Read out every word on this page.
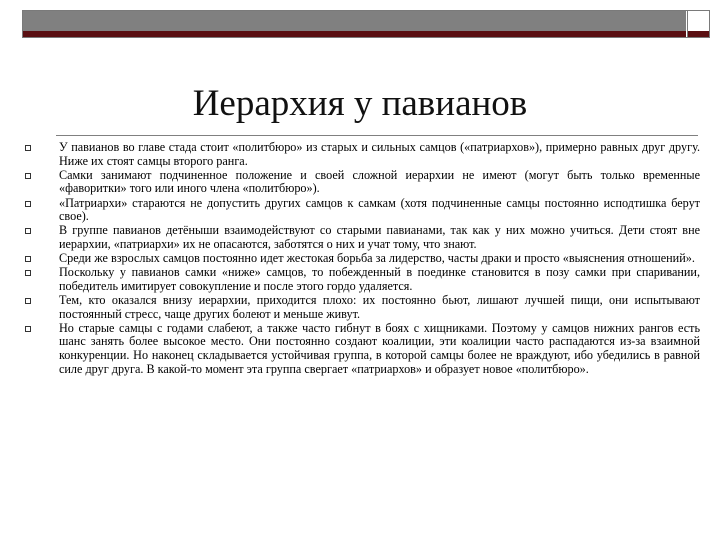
Иерархия у павианов
У павианов во главе стада стоит «политбюро» из старых и сильных самцов («патриархов»), примерно равных друг другу. Ниже их стоят самцы второго ранга.
Самки занимают подчиненное положение и своей сложной иерархии не имеют (могут быть только временные «фаворитки» того или иного члена «политбюро»).
«Патриархи» стараются не допустить других самцов к самкам (хотя подчиненные самцы постоянно исподтишка берут свое).
В группе павианов детёныши взаимодействуют со старыми павианами, так как у них можно учиться. Дети стоят вне иерархии, «патриархи» их не опасаются, заботятся о них и учат тому, что знают.
Среди же взрослых самцов постоянно идет жестокая борьба за лидерство, часты драки и просто «выяснения отношений».
Поскольку у павианов самки «ниже» самцов, то побежденный в поединке становится в позу самки при спаривании, победитель имитирует совокупление и после этого гордо удаляется.
Тем, кто оказался внизу иерархии, приходится плохо: их постоянно бьют, лишают лучшей пищи, они испытывают постоянный стресс, чаще других болеют и меньше живут.
Но старые самцы с годами слабеют, а также часто гибнут в боях с хищниками. Поэтому у самцов нижних рангов есть шанс занять более высокое место. Они постоянно создают коалиции, эти коалиции часто распадаются из-за взаимной конкуренции. Но наконец складывается устойчивая группа, в которой самцы более не враждуют, ибо убедились в равной силе друг друга. В какой-то момент эта группа свергает «патриархов» и образует новое «политбюро».
